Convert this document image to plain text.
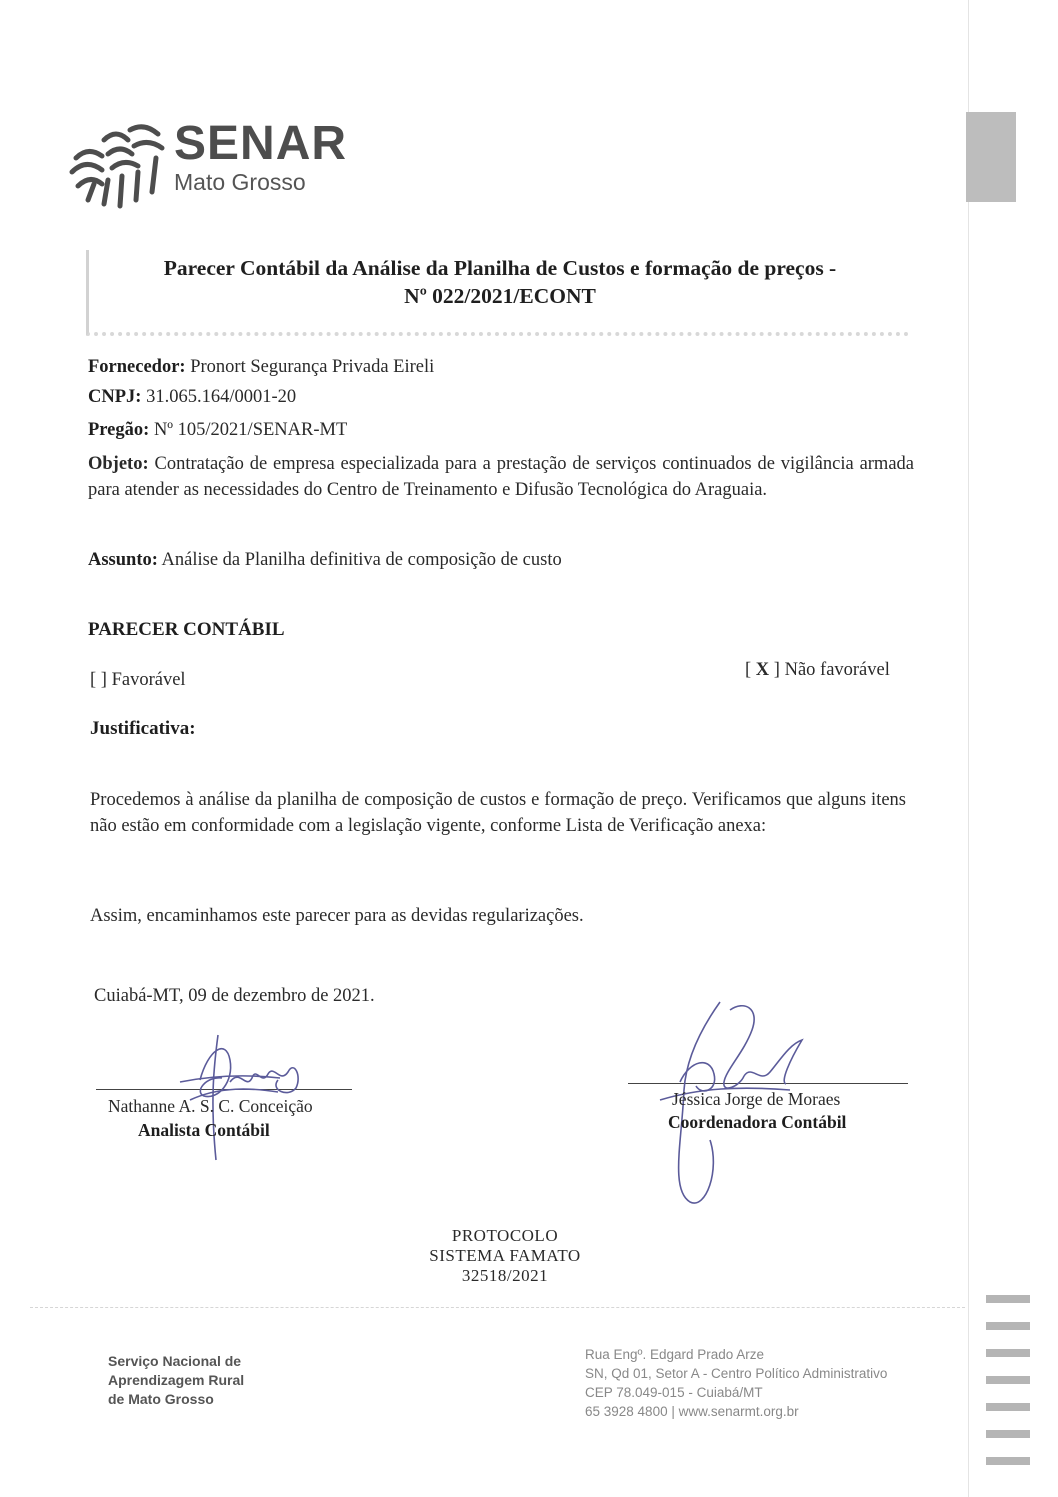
SENAR
Mato Grosso
Parecer Contábil da Análise da Planilha de Custos e formação de preços -
Nº 022/2021/ECONT
Fornecedor: Pronort Segurança Privada Eireli
CNPJ: 31.065.164/0001-20
Pregão: Nº 105/2021/SENAR-MT
Objeto: Contratação de empresa especializada para a prestação de serviços continuados de vigilância armada para atender as necessidades do Centro de Treinamento e Difusão Tecnológica do Araguaia.
Assunto: Análise da Planilha definitiva de composição de custo
PARECER CONTÁBIL
[ ] Favorável	[ X ] Não favorável
Justificativa:
Procedemos à análise da planilha de composição de custos e formação de preço. Verificamos que alguns itens não estão em conformidade com a legislação vigente, conforme Lista de Verificação anexa:
Assim, encaminhamos este parecer para as devidas regularizações.
Cuiabá-MT, 09 de dezembro de 2021.
Nathanne A. S. C. Conceição
Analista Contábil
Jéssica Jorge de Moraes
Coordenadora Contábil
PROTOCOLO
SISTEMA FAMATO
32518/2021
Serviço Nacional de
Aprendizagem Rural
de Mato Grosso
Rua Engº. Edgard Prado Arze
SN, Qd 01, Setor A - Centro Político Administrativo
CEP 78.049-015 - Cuiabá/MT
65 3928 4800 | www.senarmt.org.br
